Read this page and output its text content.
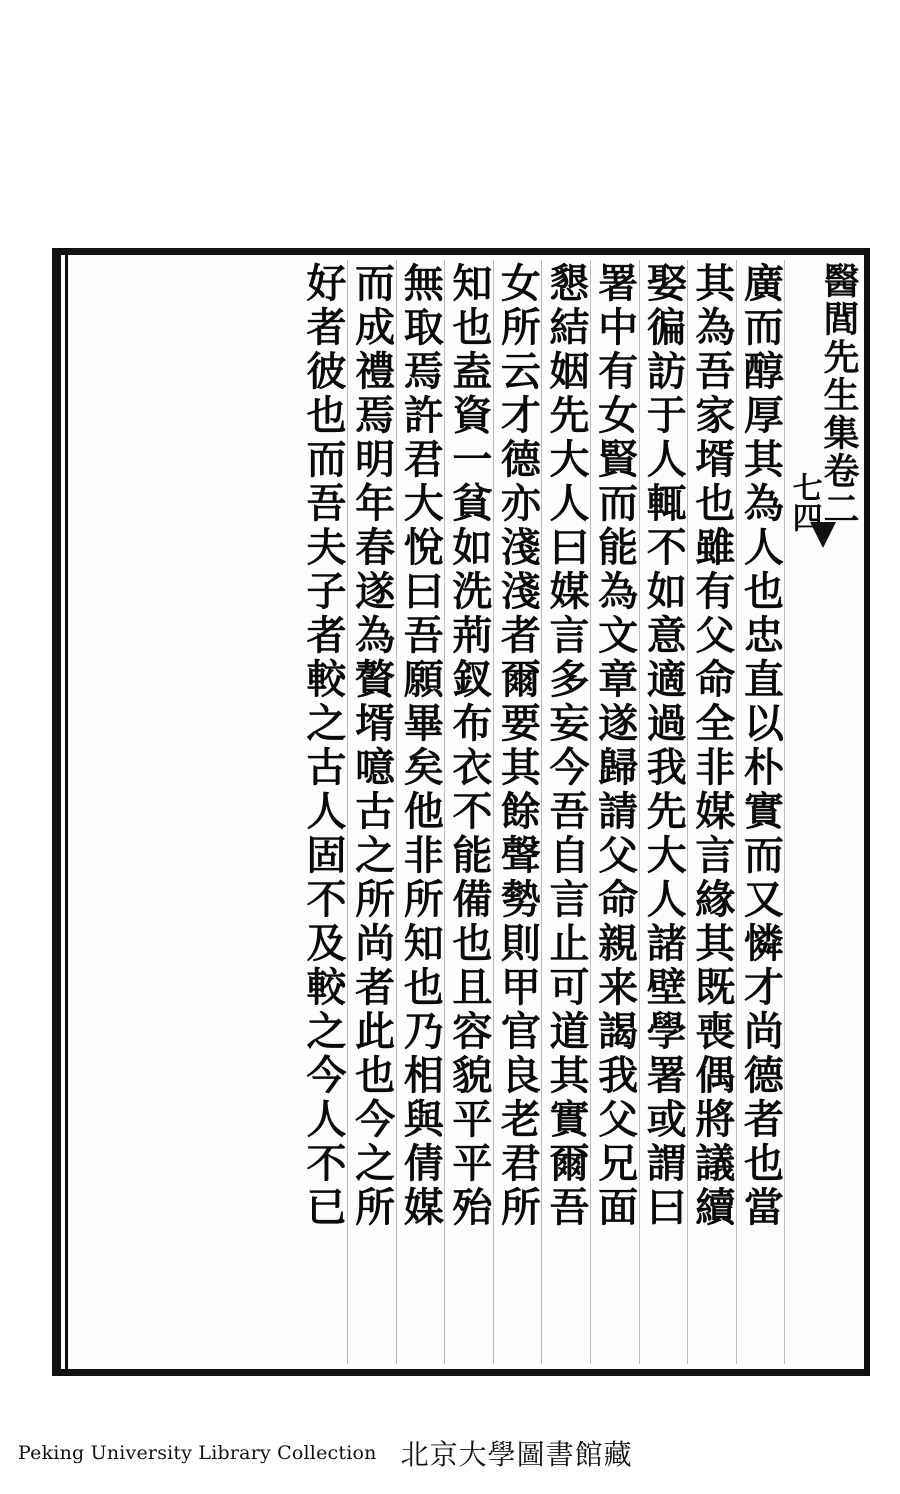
醫閭先生集卷二
七四
廣而醇厚其為人也忠直以朴實而又憐才尚德者也當
其為吾家壻也雖有父命全非媒言緣其既喪偶將議續
娶徧訪于人輒不如意適過我先大人諸壁學署或謂曰
署中有女賢而能為文章遂歸請父命親来謁我父兄面
懇結姻先大人曰媒言多妄今吾自言止可道其實爾吾
女所云才德亦淺淺者爾要其餘聲勢則甲官良老君所
知也盍資一貧如洗荊釵布衣不能備也且容貌平平殆
無取焉許君大悅曰吾願畢矣他非所知也乃相與倩媒
而成禮焉明年春遂為贅壻噫古之所尚者此也今之所
好者彼也而吾夫子者較之古人固不及較之今人不已
Peking University Library Collection 北京大學圖書館藏
